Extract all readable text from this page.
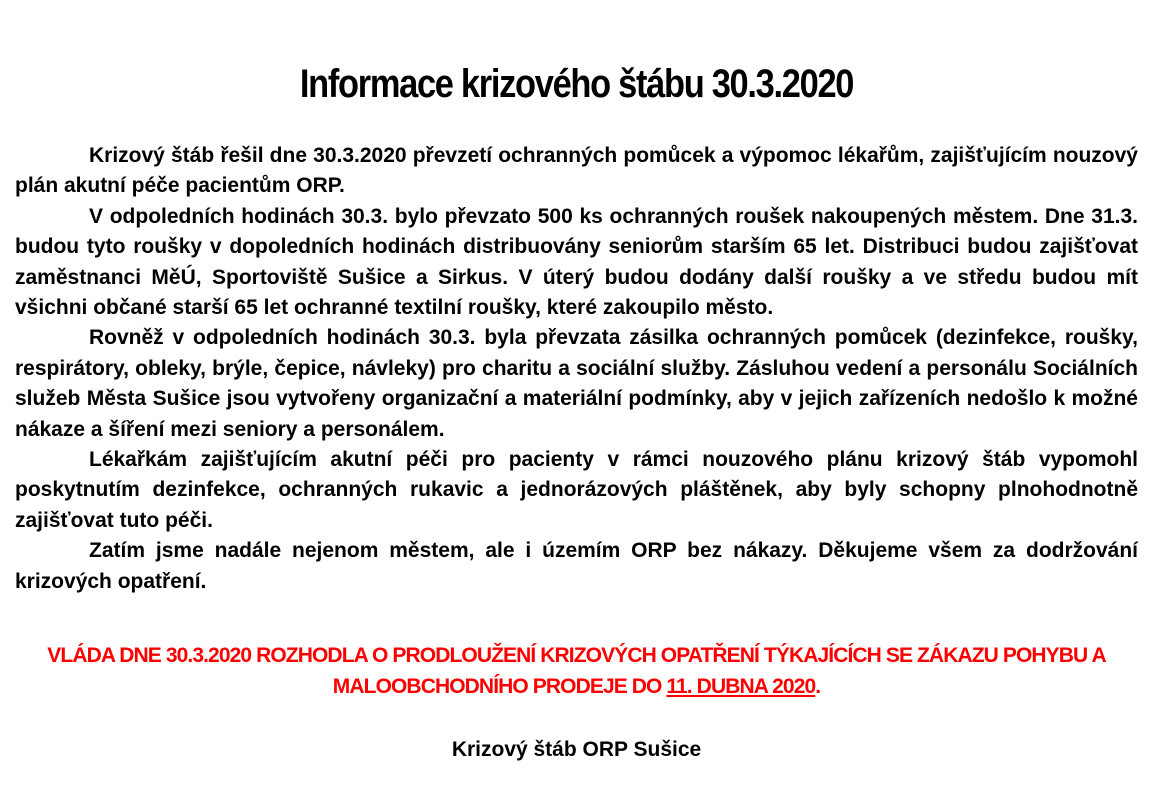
Informace krizového štábu 30.3.2020

Krizový štáb řešil dne 30.3.2020 převzetí ochranných pomůcek a výpomoc lékařům, zajišťujícím nouzový plán akutní péče pacientům ORP.

V odpoledních hodinách 30.3. bylo převzato 500 ks ochranných roušek nakoupených městem. Dne 31.3. budou tyto roušky v dopoledních hodinách distribuovány seniorům starším 65 let. Distribuci budou zajišťovat zaměstnanci MěÚ, Sportoviště Sušice a Sirkus. V úterý budou dodány další roušky a ve středu budou mít všichni občané starší 65 let ochranné textilní roušky, které zakoupilo město.

Rovněž v odpoledních hodinách 30.3. byla převzata zásilka ochranných pomůcek (dezinfekce, roušky, respirátory, obleky, brýle, čepice, návleky) pro charitu a sociální služby. Zásluhou vedení a personálu Sociálních služeb Města Sušice jsou vytvořeny organizační a materiální podmínky, aby v jejich zařízeních nedošlo k možné nákaze a šíření mezi seniory a personálem.

Lékařkám zajišťujícím akutní péči pro pacienty v rámci nouzového plánu krizový štáb vypomohl poskytnutím dezinfekce, ochranných rukavic a jednorázových pláštěnek, aby byly schopny plnohodnotně zajišťovat tuto péči.

Zatím jsme nadále nejenom městem, ale i územím ORP bez nákazy. Děkujeme všem za dodržování krizových opatření.

VLÁDA DNE 30.3.2020 ROZHODLA O PRODLOUŽENÍ KRIZOVÝCH OPATŘENÍ TÝKAJÍCÍCH SE ZÁKAZU POHYBU A MALOOBCHODNÍHO PRODEJE DO 11. DUBNA 2020.
Krizový štáb ORP Sušice
